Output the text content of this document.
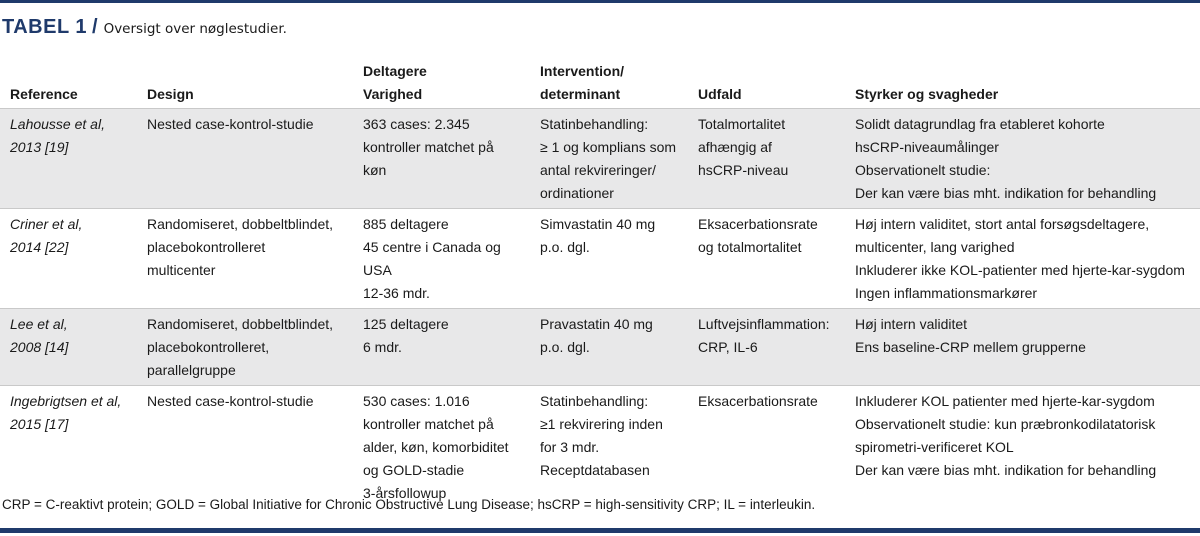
TABEL 1 / Oversigt over nøglestudier.
Reference	Design	Deltagere
Varighed	Intervention/
determinant	Udfald	Styrker og svagheder

Lahousse et al,
2013 [19]	Nested case-kontrol-studie	363 cases: 2.345
kontroller matchet på
køn	Statinbehandling:
≥ 1 og komplians som
antal rekvireringer/
ordinationer	Totalmortalitet
afhængig af
hsCRP-niveau	Solidt datagrundlag fra etableret kohorte
hsCRP-niveaumålinger
Observationelt studie:
Der kan være bias mht. indikation for behandling

Criner et al,
2014 [22]	Randomiseret, dobbeltblindet,
placebokontrolleret
multicenter	885 deltagere
45 centre i Canada og
USA
12-36 mdr.	Simvastatin 40 mg
p.o. dgl.	Eksacerbationsrate
og totalmortalitet	Høj intern validitet, stort antal forsøgsdeltagere,
multicenter, lang varighed
Inkluderer ikke KOL-patienter med hjerte-kar-sygdom
Ingen inflammationsmarkører

Lee et al,
2008 [14]	Randomiseret, dobbeltblindet,
placebokontrolleret,
parallelgruppe	125 deltagere
6 mdr.	Pravastatin 40 mg
p.o. dgl.	Luftvejsinflammation:
CRP, IL-6	Høj intern validitet
Ens baseline-CRP mellem grupperne

Ingebrigtsen et al,
2015 [17]	Nested case-kontrol-studie	530 cases: 1.016
kontroller matchet på
alder, køn, komorbiditet
og GOLD-stadie
3-årsfollowup	Statinbehandling:
≥1 rekvirering inden
for 3 mdr.
Receptdatabasen	Eksacerbationsrate	Inkluderer KOL patienter med hjerte-kar-sygdom
Observationelt studie: kun præbronkodilatatorisk
spirometri-verificeret KOL
Der kan være bias mht. indikation for behandling
CRP = C-reaktivt protein; GOLD = Global Initiative for Chronic Obstructive Lung Disease; hsCRP = high-sensitivity CRP; IL = interleukin.
